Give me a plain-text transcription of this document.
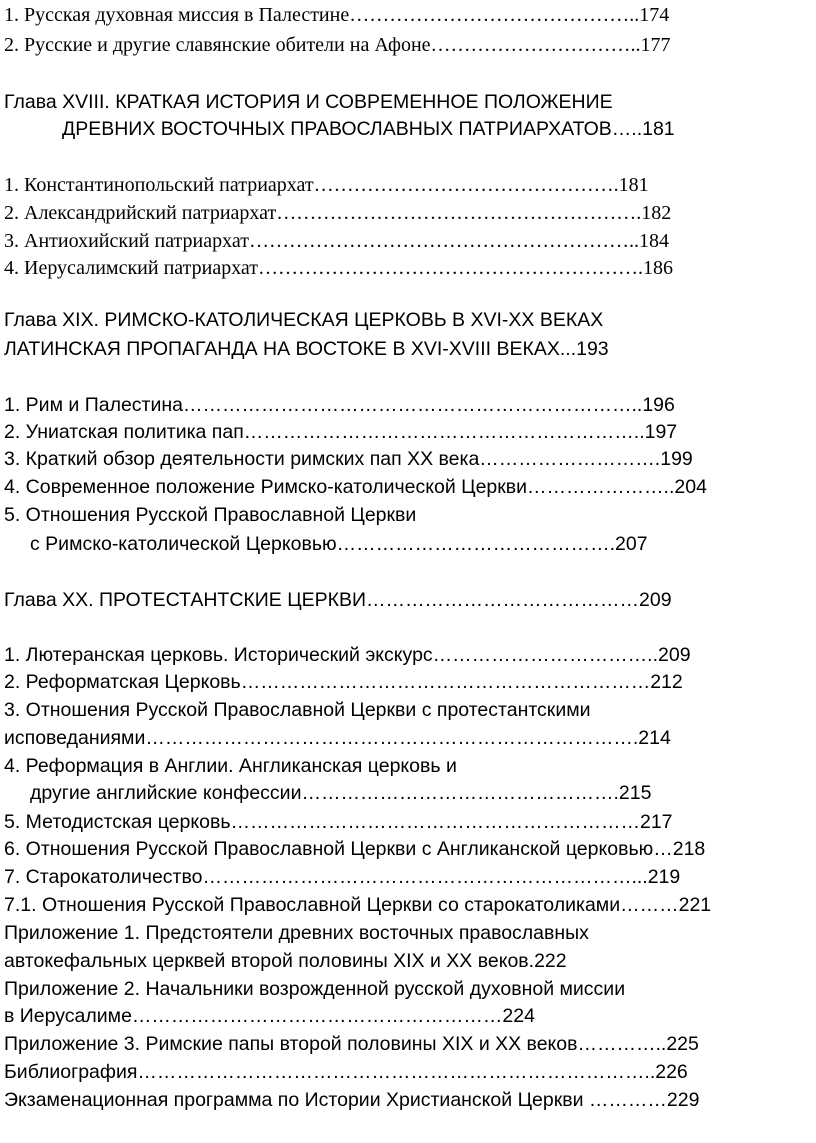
1. Русская духовная миссия в Палестине……………………………………..174
2. Русские и другие славянские обители на Афоне…………………………..177
Глава XVIII. КРАТКАЯ ИСТОРИЯ И СОВРЕМЕННОЕ ПОЛОЖЕНИЕ
ДРЕВНИХ ВОСТОЧНЫХ ПРАВОСЛАВНЫХ ПАТРИАРХАТОВ…..181
1. Константинопольский патриархат……………………………………….181
2. Александрийский патриархат……………………………………………….182
3. Антиохийский патриархат…………………………………………………..184
4. Иерусалимский патриархат………………………………………………….186
Глава XIX. РИМСКО-КАТОЛИЧЕСКАЯ ЦЕРКОВЬ В XVI-XX ВЕКАХ
ЛАТИНСКАЯ ПРОПАГАНДА НА ВОСТОКЕ В XVI-XVIII ВЕКАХ...193
1. Рим и Палестина……………………………………………………………..196
2. Униатская политика пап……………………………………………………..197
3. Краткий обзор деятельности римских пап XX века……………………….199
4. Современное положение Римско-католической Церкви…………………..204
5. Отношения Русской Православной Церкви
с Римско-католической Церковью…………………………………….207
Глава XX. ПРОТЕСТАНТСКИЕ ЦЕРКВИ……………………………………209
1. Лютеранская церковь. Исторический экскурс……………………………..209
2. Реформатская Церковь………………………………………………………212
3. Отношения Русской Православной Церкви с протестантскими
исповеданиями………………………………………………………………….214
4. Реформация в Англии. Англиканская церковь и
другие английские конфессии………………………………………….215
5. Методистская церковь………………………………………………………217
6. Отношения Русской Православной Церкви с Англиканской церковью…218
7. Старокатоличество…………………………………………………………...219
7.1. Отношения Русской Православной Церкви со старокатоликами………221
Приложение 1. Предстоятели древних восточных православных
автокефальных церквей второй половины XIX и XX веков.222
Приложение 2. Начальники возрожденной русской духовной миссии
в Иерусалиме…………………………………………………224
Приложение 3. Римские папы второй половины XIX и XX веков…………..225
Библиография……………………………………………………………………..226
Экзаменационная программа по Истории Христианской Церкви …………229
